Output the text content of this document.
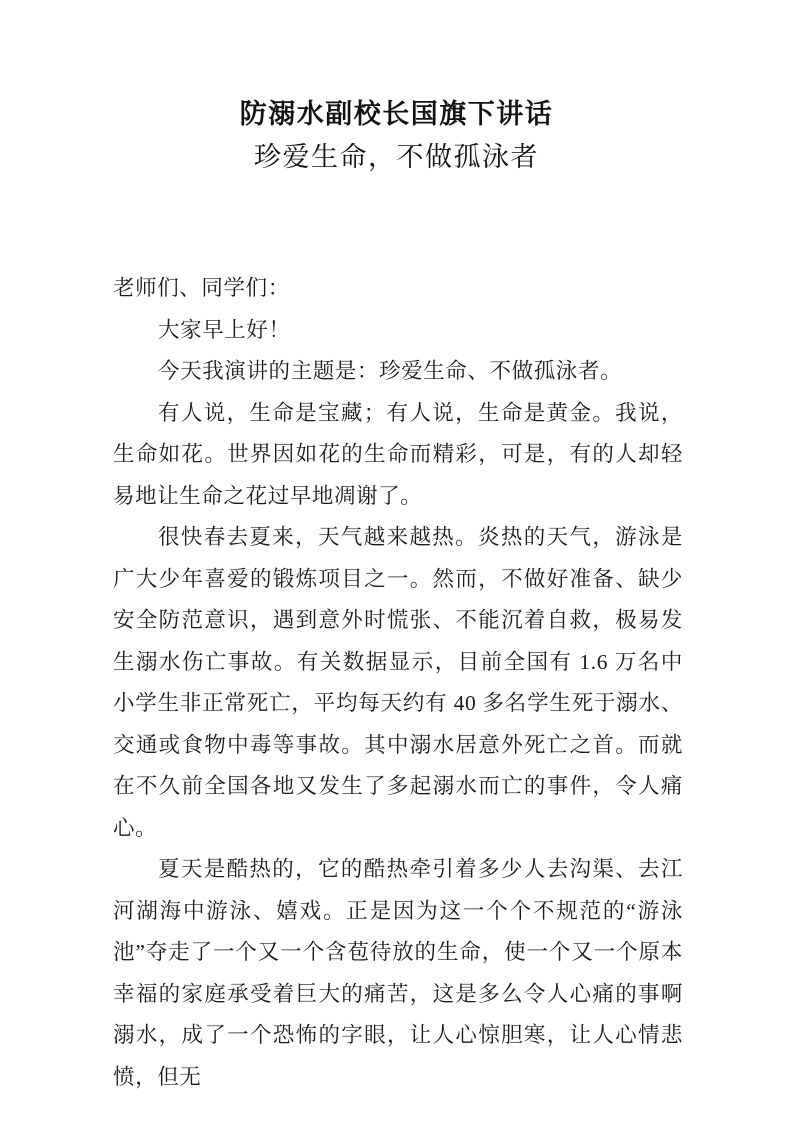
防溺水副校长国旗下讲话
珍爱生命，不做孤泳者

老师们、同学们：

大家早上好！

今天我演讲的主题是：珍爱生命、不做孤泳者。

有人说，生命是宝藏；有人说，生命是黄金。我说，生命如花。世界因如花的生命而精彩，可是，有的人却轻易地让生命之花过早地凋谢了。

很快春去夏来，天气越来越热。炎热的天气，游泳是广大少年喜爱的锻炼项目之一。然而，不做好准备、缺少安全防范意识，遇到意外时慌张、不能沉着自救，极易发生溺水伤亡事故。有关数据显示，目前全国有 1.6 万名中小学生非正常死亡，平均每天约有 40 多名学生死于溺水、交通或食物中毒等事故。其中溺水居意外死亡之首。而就在不久前全国各地又发生了多起溺水而亡的事件，令人痛心。

夏天是酷热的，它的酷热牵引着多少人去沟渠、去江河湖海中游泳、嬉戏。正是因为这一个个不规范的“游泳池”夺走了一个又一个含苞待放的生命，使一个又一个原本幸福的家庭承受着巨大的痛苦，这是多么令人心痛的事啊溺水，成了一个恐怖的字眼，让人心惊胆寒，让人心情悲愤，但无
